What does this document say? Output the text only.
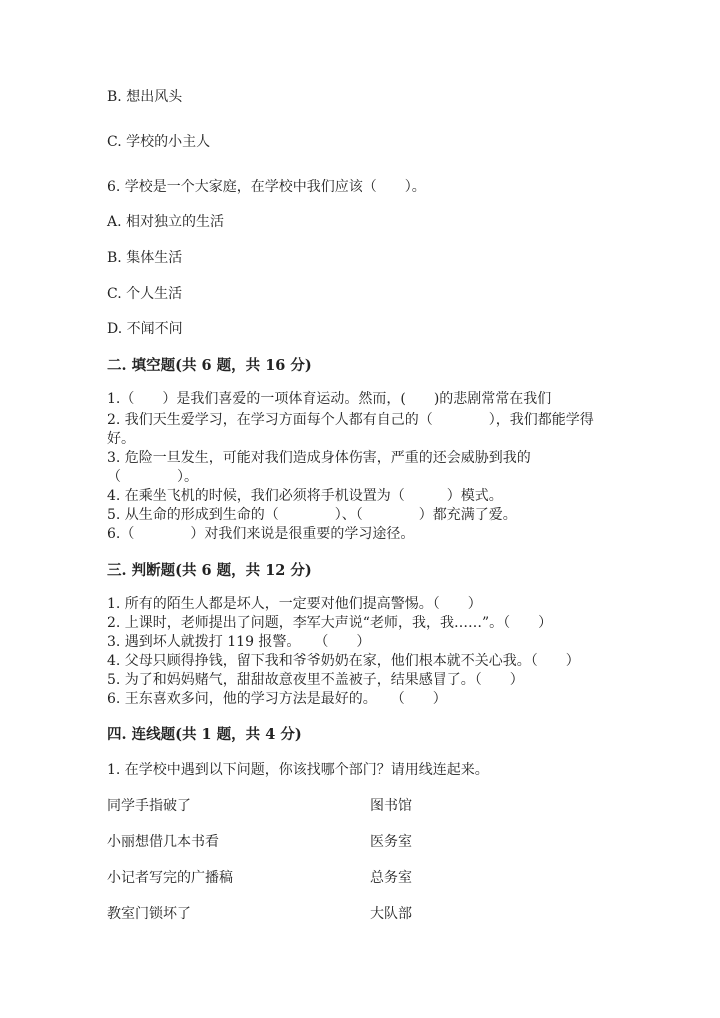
B. 想出风头
C. 学校的小主人
6. 学校是一个大家庭，在学校中我们应该（　　）。
A. 相对独立的生活
B. 集体生活
C. 个人生活
D. 不闻不问
二. 填空题(共 6 题，共 16 分)
1.（　　）是我们喜爱的一项体育运动。然而，(　　)的悲剧常常在我们
2. 我们天生爱学习，在学习方面每个人都有自己的（　　　　），我们都能学得
好。
3. 危险一旦发生，可能对我们造成身体伤害，严重的还会威胁到我的
（　　　　）。
4. 在乘坐飞机的时候，我们必须将手机设置为（　　　）模式。
5. 从生命的形成到生命的（　　　　）、（　　　　）都充满了爱。
6.（　　　　）对我们来说是很重要的学习途径。
三. 判断题(共 6 题，共 12 分)
1. 所有的陌生人都是坏人，一定要对他们提高警惕。（　　）
2. 上课时，老师提出了问题，李军大声说“老师，我，我……”。（　　）
3. 遇到坏人就拨打 119 报警。　　（　　）
4. 父母只顾得挣钱，留下我和爷爷奶奶在家，他们根本就不关心我。（　　）
5. 为了和妈妈赌气，甜甜故意夜里不盖被子，结果感冒了。（　　）
6. 王东喜欢多问，他的学习方法是最好的。　　（　　）
四. 连线题(共 1 题，共 4 分)
1. 在学校中遇到以下问题，你该找哪个部门？请用线连起来。
同学手指破了
小丽想借几本书看
小记者写完的广播稿
教室门锁坏了
图书馆
医务室
总务室
大队部
